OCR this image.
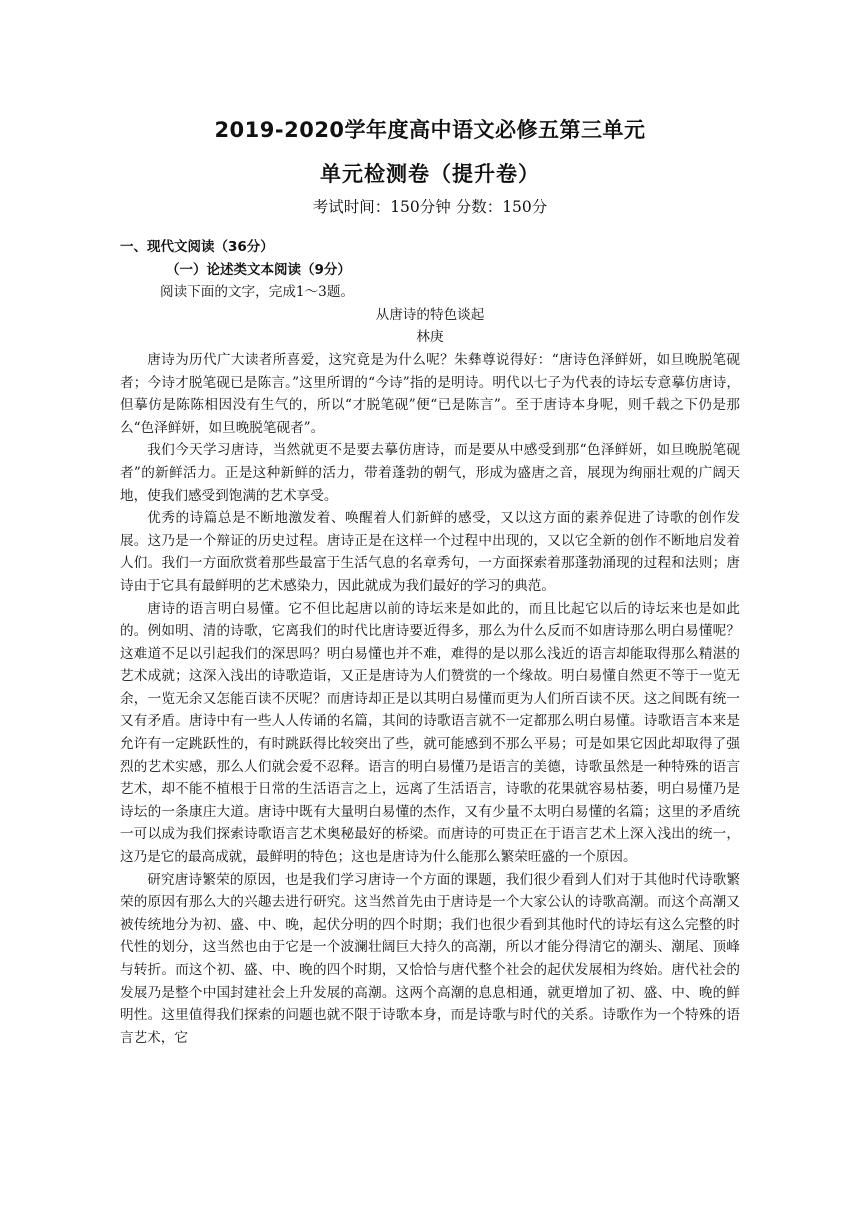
2019-2020学年度高中语文必修五第三单元
单元检测卷（提升卷）
考试时间：150分钟 分数：150分
一、现代文阅读（36分）
（一）论述类文本阅读（9分）
阅读下面的文字，完成1～3题。
从唐诗的特色谈起
林庚

唐诗为历代广大读者所喜爱，这究竟是为什么呢？朱彝尊说得好：“唐诗色泽鲜妍，如旦晚脱笔砚者；今诗才脱笔砚已是陈言。”这里所谓的“今诗”指的是明诗。明代以七子为代表的诗坛专意摹仿唐诗，但摹仿是陈陈相因没有生气的，所以“才脱笔砚”便“已是陈言”。至于唐诗本身呢，则千载之下仍是那么“色泽鲜妍，如旦晚脱笔砚者”。

我们今天学习唐诗，当然就更不是要去摹仿唐诗，而是要从中感受到那“色泽鲜妍，如旦晚脱笔砚者”的新鲜活力。正是这种新鲜的活力，带着蓬勃的朝气，形成为盛唐之音，展现为绚丽壮观的广阔天地，使我们感受到饱满的艺术享受。

优秀的诗篇总是不断地激发着、唤醒着人们新鲜的感受，又以这方面的素养促进了诗歌的创作发展。这乃是一个辩证的历史过程。唐诗正是在这样一个过程中出现的，又以它全新的创作不断地启发着人们。我们一方面欣赏着那些最富于生活气息的名章秀句，一方面探索着那蓬勃涌现的过程和法则；唐诗由于它具有最鲜明的艺术感染力，因此就成为我们最好的学习的典范。

唐诗的语言明白易懂。它不但比起唐以前的诗坛来是如此的，而且比起它以后的诗坛来也是如此的。例如明、清的诗歌，它离我们的时代比唐诗要近得多，那么为什么反而不如唐诗那么明白易懂呢？这难道不足以引起我们的深思吗？明白易懂也并不难，难得的是以那么浅近的语言却能取得那么精湛的艺术成就；这深入浅出的诗歌造诣，又正是唐诗为人们赞赏的一个缘故。明白易懂自然更不等于一览无余，一览无余又怎能百读不厌呢？而唐诗却正是以其明白易懂而更为人们所百读不厌。这之间既有统一又有矛盾。唐诗中有一些人人传诵的名篇，其间的诗歌语言就不一定都那么明白易懂。诗歌语言本来是允许有一定跳跃性的，有时跳跃得比较突出了些，就可能感到不那么平易；可是如果它因此却取得了强烈的艺术实感，那么人们就会爱不忍释。语言的明白易懂乃是语言的美德，诗歌虽然是一种特殊的语言艺术，却不能不植根于日常的生活语言之上，远离了生活语言，诗歌的花果就容易枯萎，明白易懂乃是诗坛的一条康庄大道。唐诗中既有大量明白易懂的杰作，又有少量不太明白易懂的名篇；这里的矛盾统一可以成为我们探索诗歌语言艺术奥秘最好的桥梁。而唐诗的可贵正在于语言艺术上深入浅出的统一，这乃是它的最高成就，最鲜明的特色；这也是唐诗为什么能那么繁荣旺盛的一个原因。

研究唐诗繁荣的原因，也是我们学习唐诗一个方面的课题，我们很少看到人们对于其他时代诗歌繁荣的原因有那么大的兴趣去进行研究。这当然首先由于唐诗是一个大家公认的诗歌高潮。而这个高潮又被传统地分为初、盛、中、晚，起伏分明的四个时期；我们也很少看到其他时代的诗坛有这么完整的时代性的划分，这当然也由于它是一个波澜壮阔巨大持久的高潮，所以才能分得清它的潮头、潮尾、顶峰与转折。而这个初、盛、中、晚的四个时期，又恰恰与唐代整个社会的起伏发展相为终始。唐代社会的发展乃是整个中国封建社会上升发展的高潮。这两个高潮的息息相通，就更增加了初、盛、中、晚的鲜明性。这里值得我们探索的问题也就不限于诗歌本身，而是诗歌与时代的关系。诗歌作为一个特殊的语言艺术，它
